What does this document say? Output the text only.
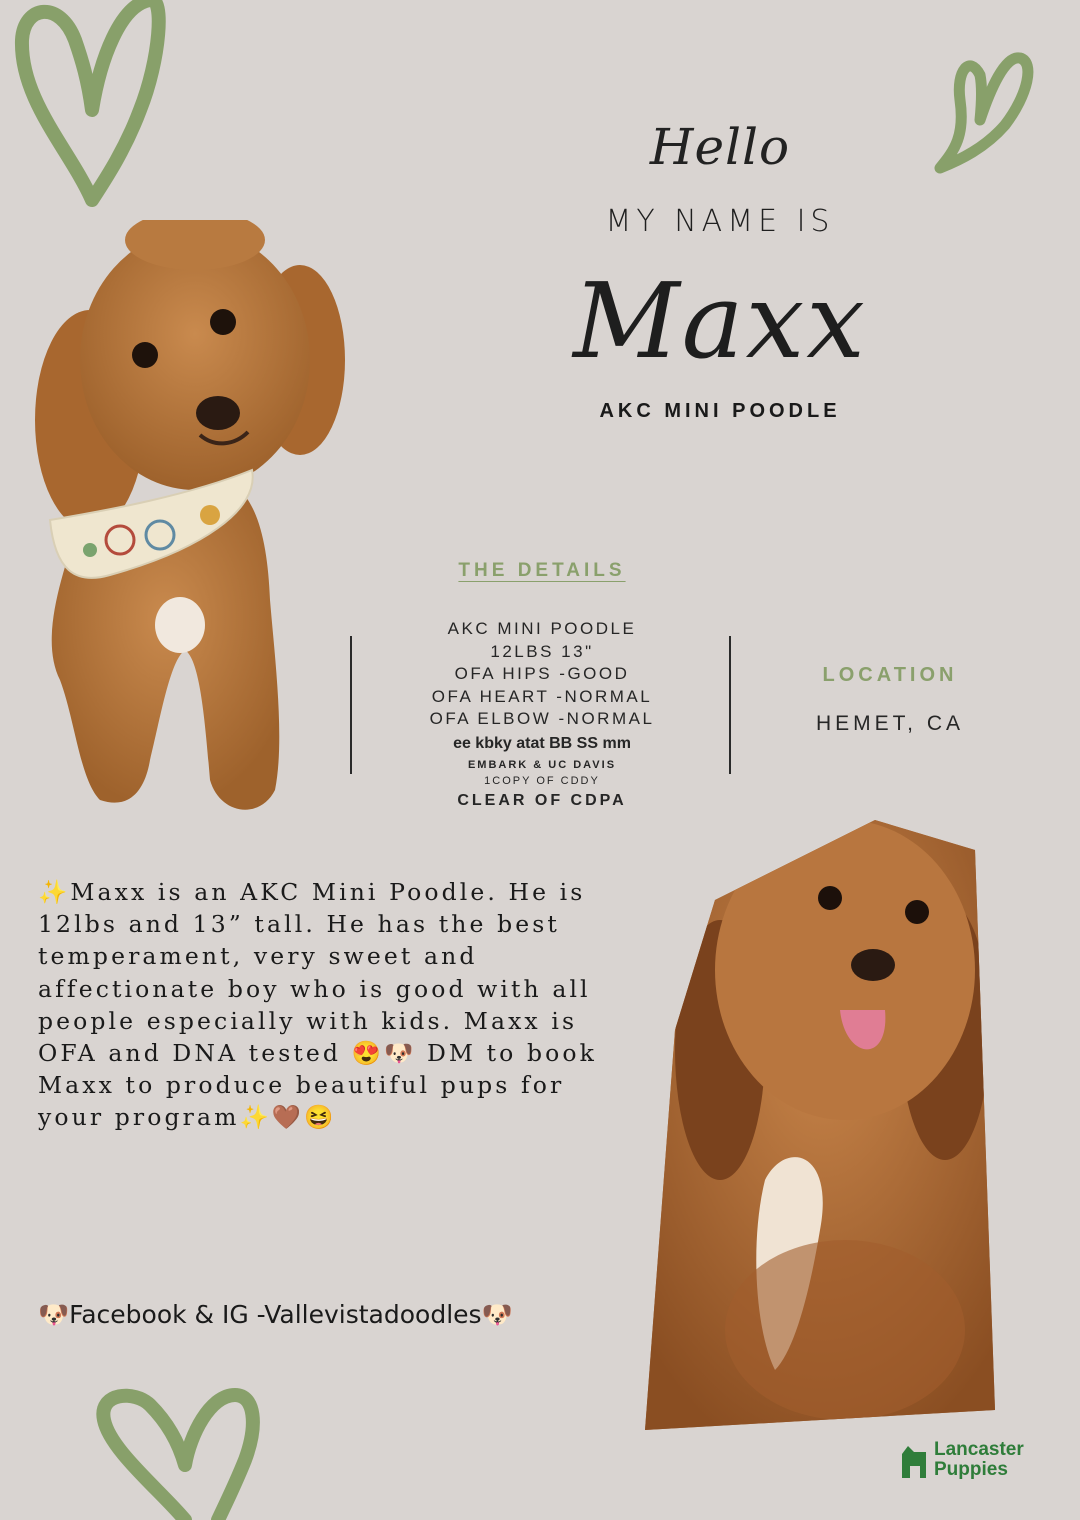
Hello
MY NAME IS
Maxx
AKC MINI POODLE
THE DETAILS
AKC MINI POODLE
12LBS 13"
OFA HIPS -GOOD
OFA HEART -NORMAL
OFA ELBOW -NORMAL
ee kbky atat BB SS mm
EMBARK & UC DAVIS
1COPY OF CDDY
CLEAR OF CDPA
LOCATION
HEMET, CA
✨Maxx is an AKC Mini Poodle. He is
12lbs and 13” tall. He has the best
temperament, very sweet and
affectionate boy who is good with all
people especially with kids. Maxx is
OFA and DNA tested 😍🐶 DM to book
Maxx to produce beautiful pups for
your program✨🤎😆
🐶Facebook & IG -Vallevistadoodles🐶
Lancaster
Puppies
